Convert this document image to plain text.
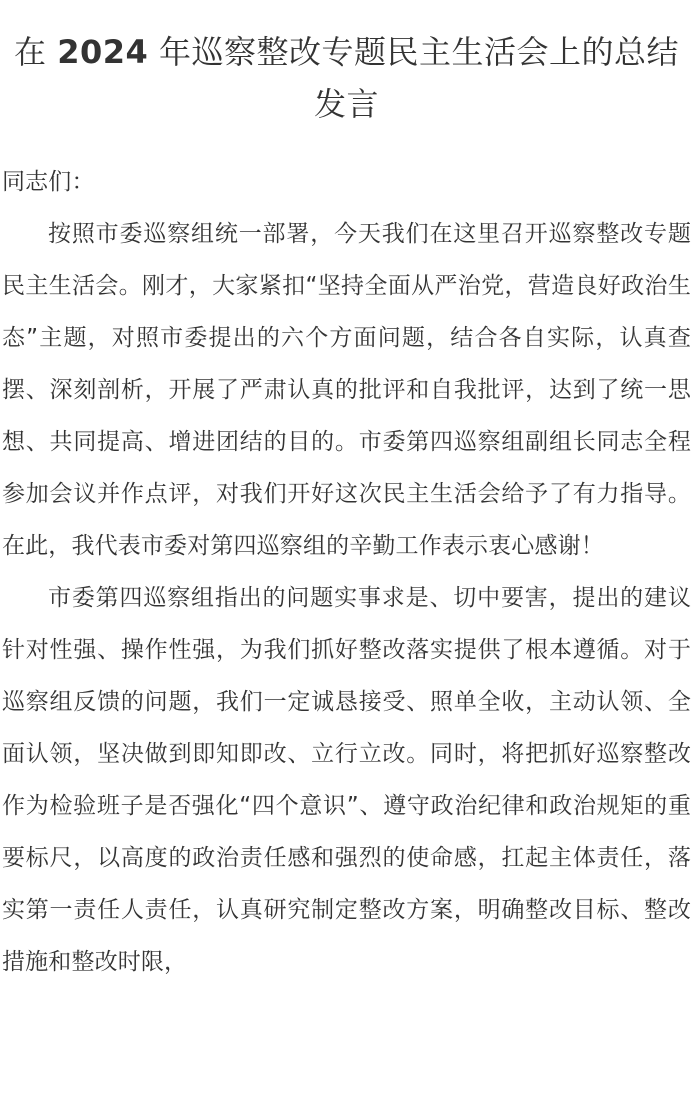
在 2024 年巡察整改专题民主生活会上的总结发言

同志们：

按照市委巡察组统一部署，今天我们在这里召开巡察整改专题民主生活会。刚才，大家紧扣“坚持全面从严治党，营造良好政治生态”主题，对照市委提出的六个方面问题，结合各自实际，认真查摆、深刻剖析，开展了严肃认真的批评和自我批评，达到了统一思想、共同提高、增进团结的目的。市委第四巡察组副组长同志全程参加会议并作点评，对我们开好这次民主生活会给予了有力指导。在此，我代表市委对第四巡察组的辛勤工作表示衷心感谢！

市委第四巡察组指出的问题实事求是、切中要害，提出的建议针对性强、操作性强，为我们抓好整改落实提供了根本遵循。对于巡察组反馈的问题，我们一定诚恳接受、照单全收，主动认领、全面认领，坚决做到即知即改、立行立改。同时，将把抓好巡察整改作为检验班子是否强化“四个意识”、遵守政治纪律和政治规矩的重要标尺，以高度的政治责任感和强烈的使命感，扛起主体责任，落实第一责任人责任，认真研究制定整改方案，明确整改目标、整改措施和整改时限，
